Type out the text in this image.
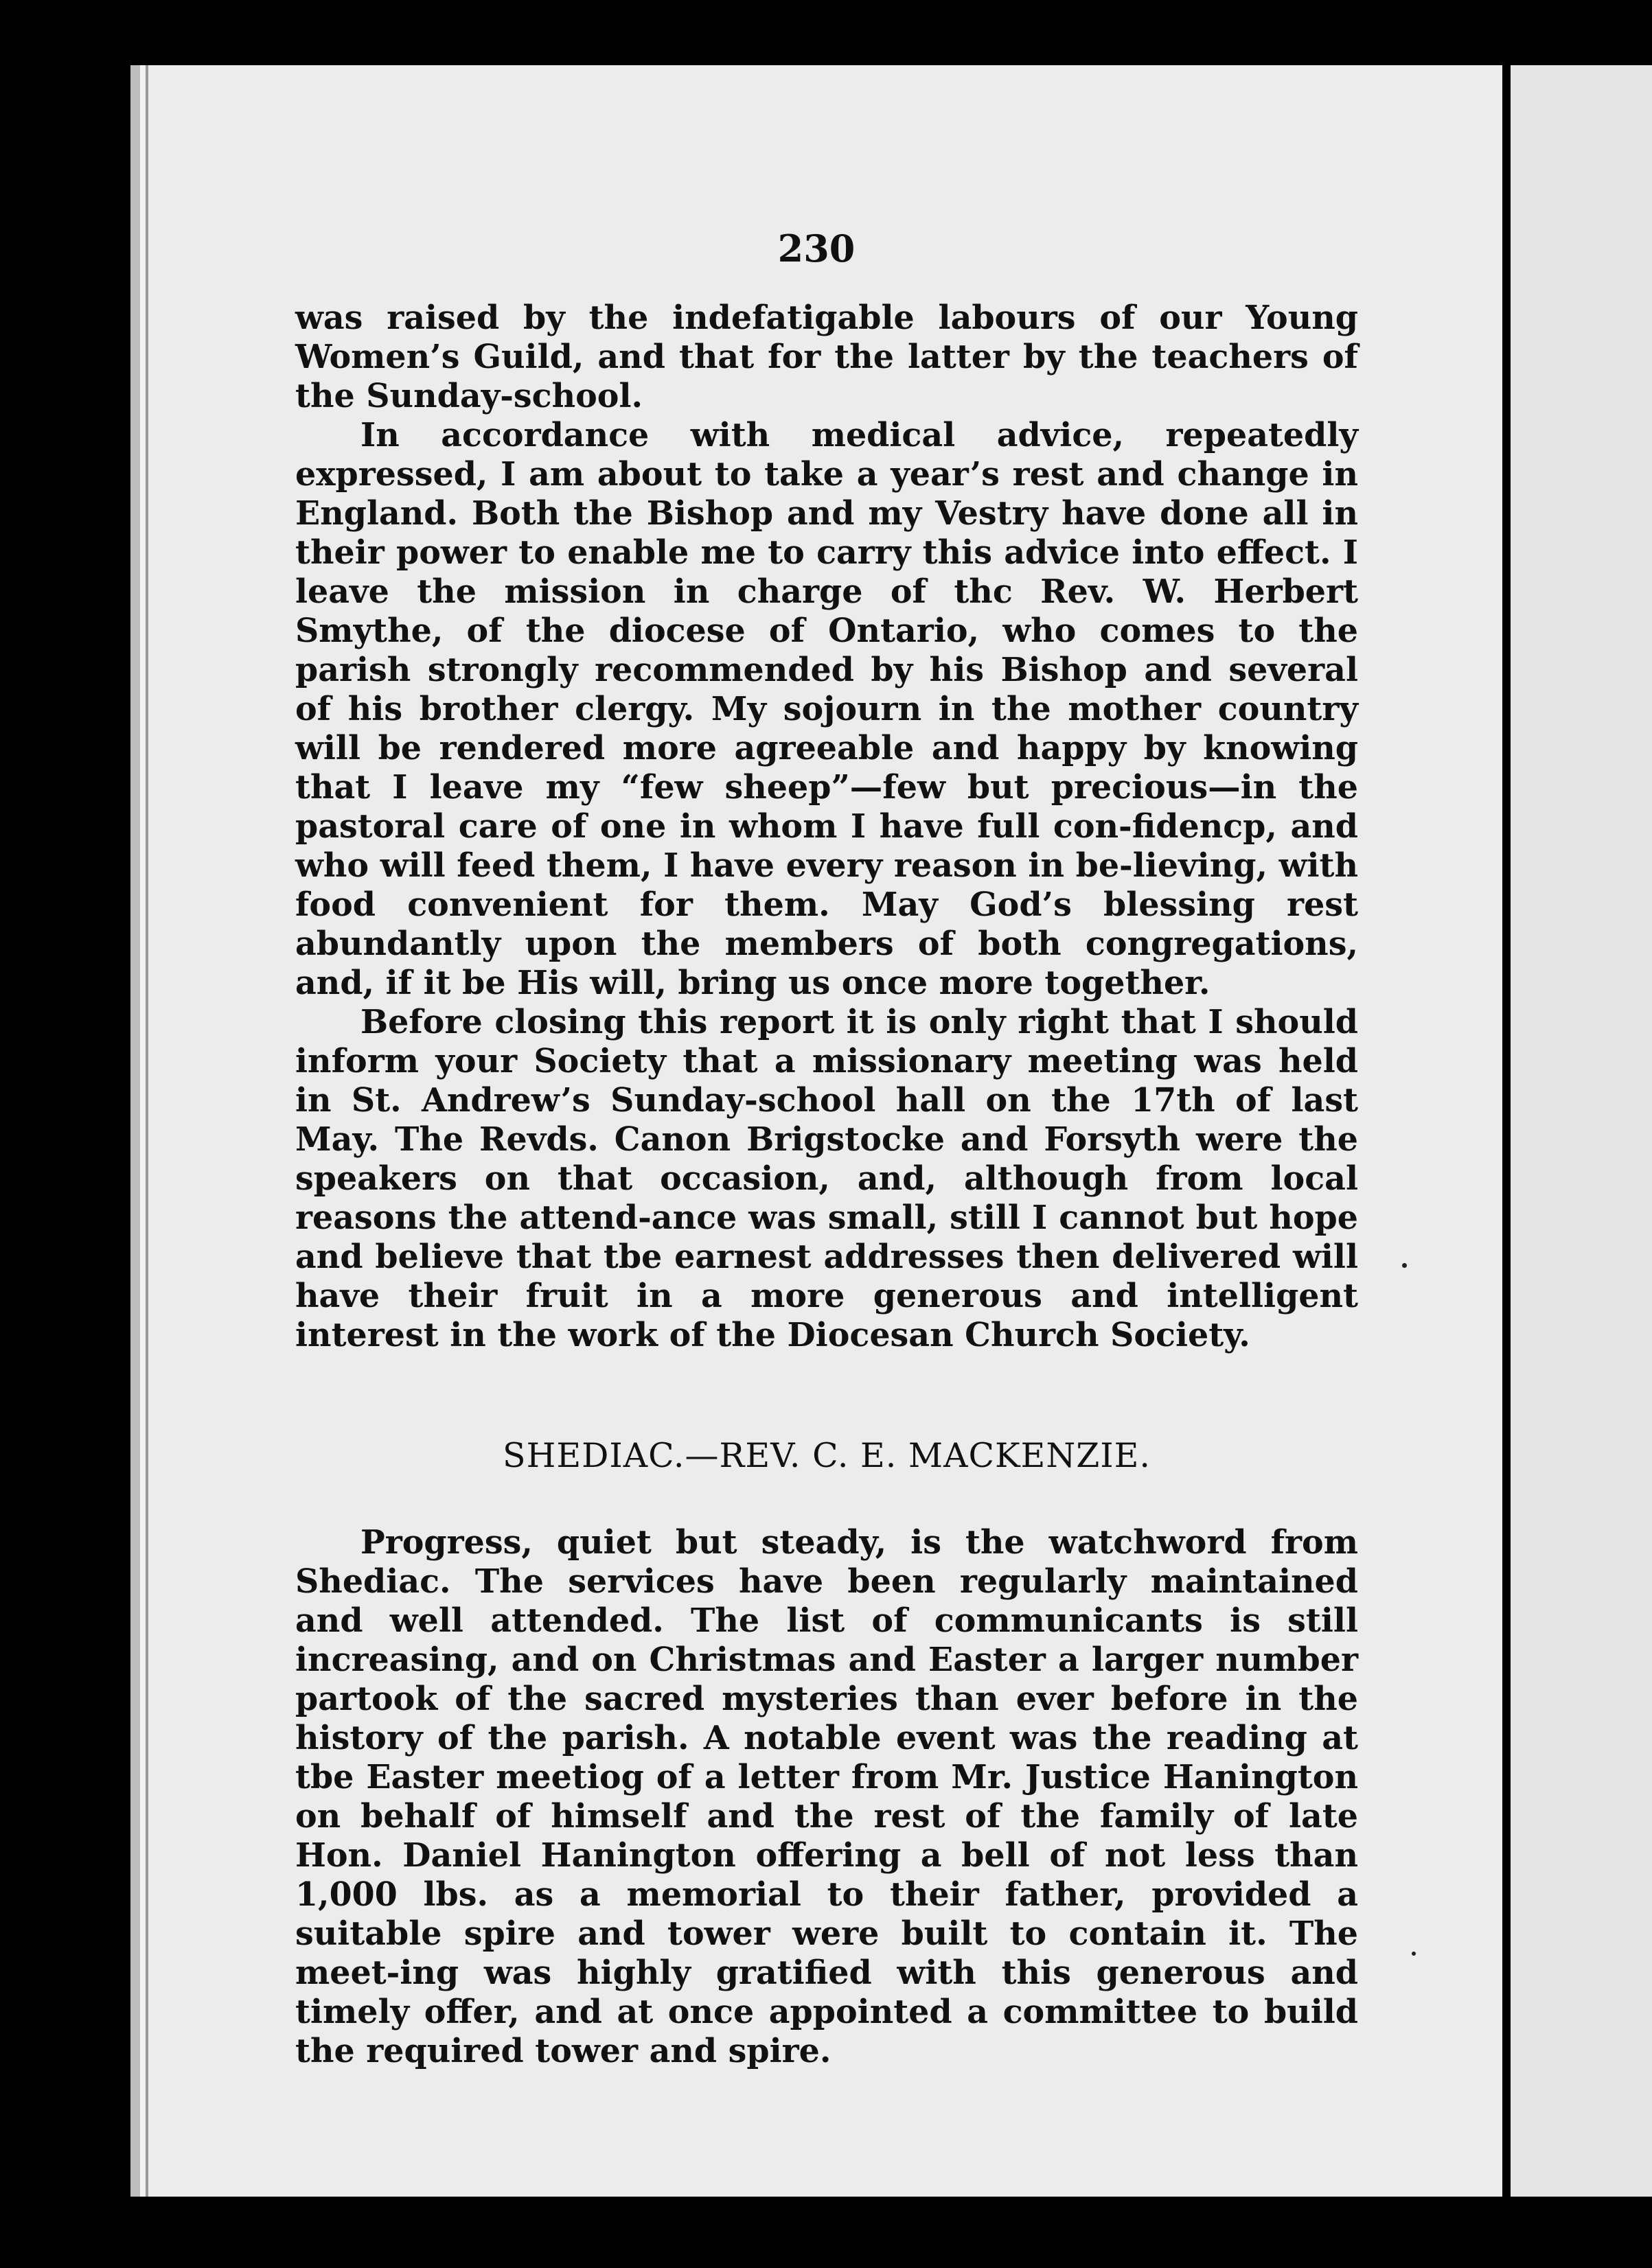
230

was raised by the indefatigable labours of our Young Women’s Guild, and that for the latter by the teachers of the Sunday-school.

In accordance with medical advice, repeatedly expressed, I am about to take a year’s rest and change in England. Both the Bishop and my Vestry have done all in their power to enable me to carry this advice into effect. I leave the mission in charge of thc Rev. W. Herbert Smythe, of the diocese of Ontario, who comes to the parish strongly recommended by his Bishop and several of his brother clergy. My sojourn in the mother country will be rendered more agreeable and happy by knowing that I leave my “few sheep”—few but precious—in the pastoral care of one in whom I have full con-fidencp, and who will feed them, I have every reason in be-lieving, with food convenient for them. May God’s blessing rest abundantly upon the members of both congregations, and, if it be His will, bring us once more together.

Before closing this report it is only right that I should inform your Society that a missionary meeting was held in St. Andrew’s Sunday-school hall on the 17th of last May. The Revds. Canon Brigstocke and Forsyth were the speakers on that occasion, and, although from local reasons the attend-ance was small, still I cannot but hope and believe that tbe earnest addresses then delivered will have their fruit in a more generous and intelligent interest in the work of the Diocesan Church Society.

SHEDIAC.—REV. C. E. MACKENZIE.

Progress, quiet but steady, is the watchword from Shediac. The services have been regularly maintained and well attended. The list of communicants is still increasing, and on Christmas and Easter a larger number partook of the sacred mysteries than ever before in the history of the parish. A notable event was the reading at tbe Easter meetiog of a letter from Mr. Justice Hanington on behalf of himself and the rest of the family of late Hon. Daniel Hanington offering a bell of not less than 1,000 lbs. as a memorial to their father, provided a suitable spire and tower were built to contain it. The meet-ing was highly gratified with this generous and timely offer, and at once appointed a committee to build the required tower and spire.
